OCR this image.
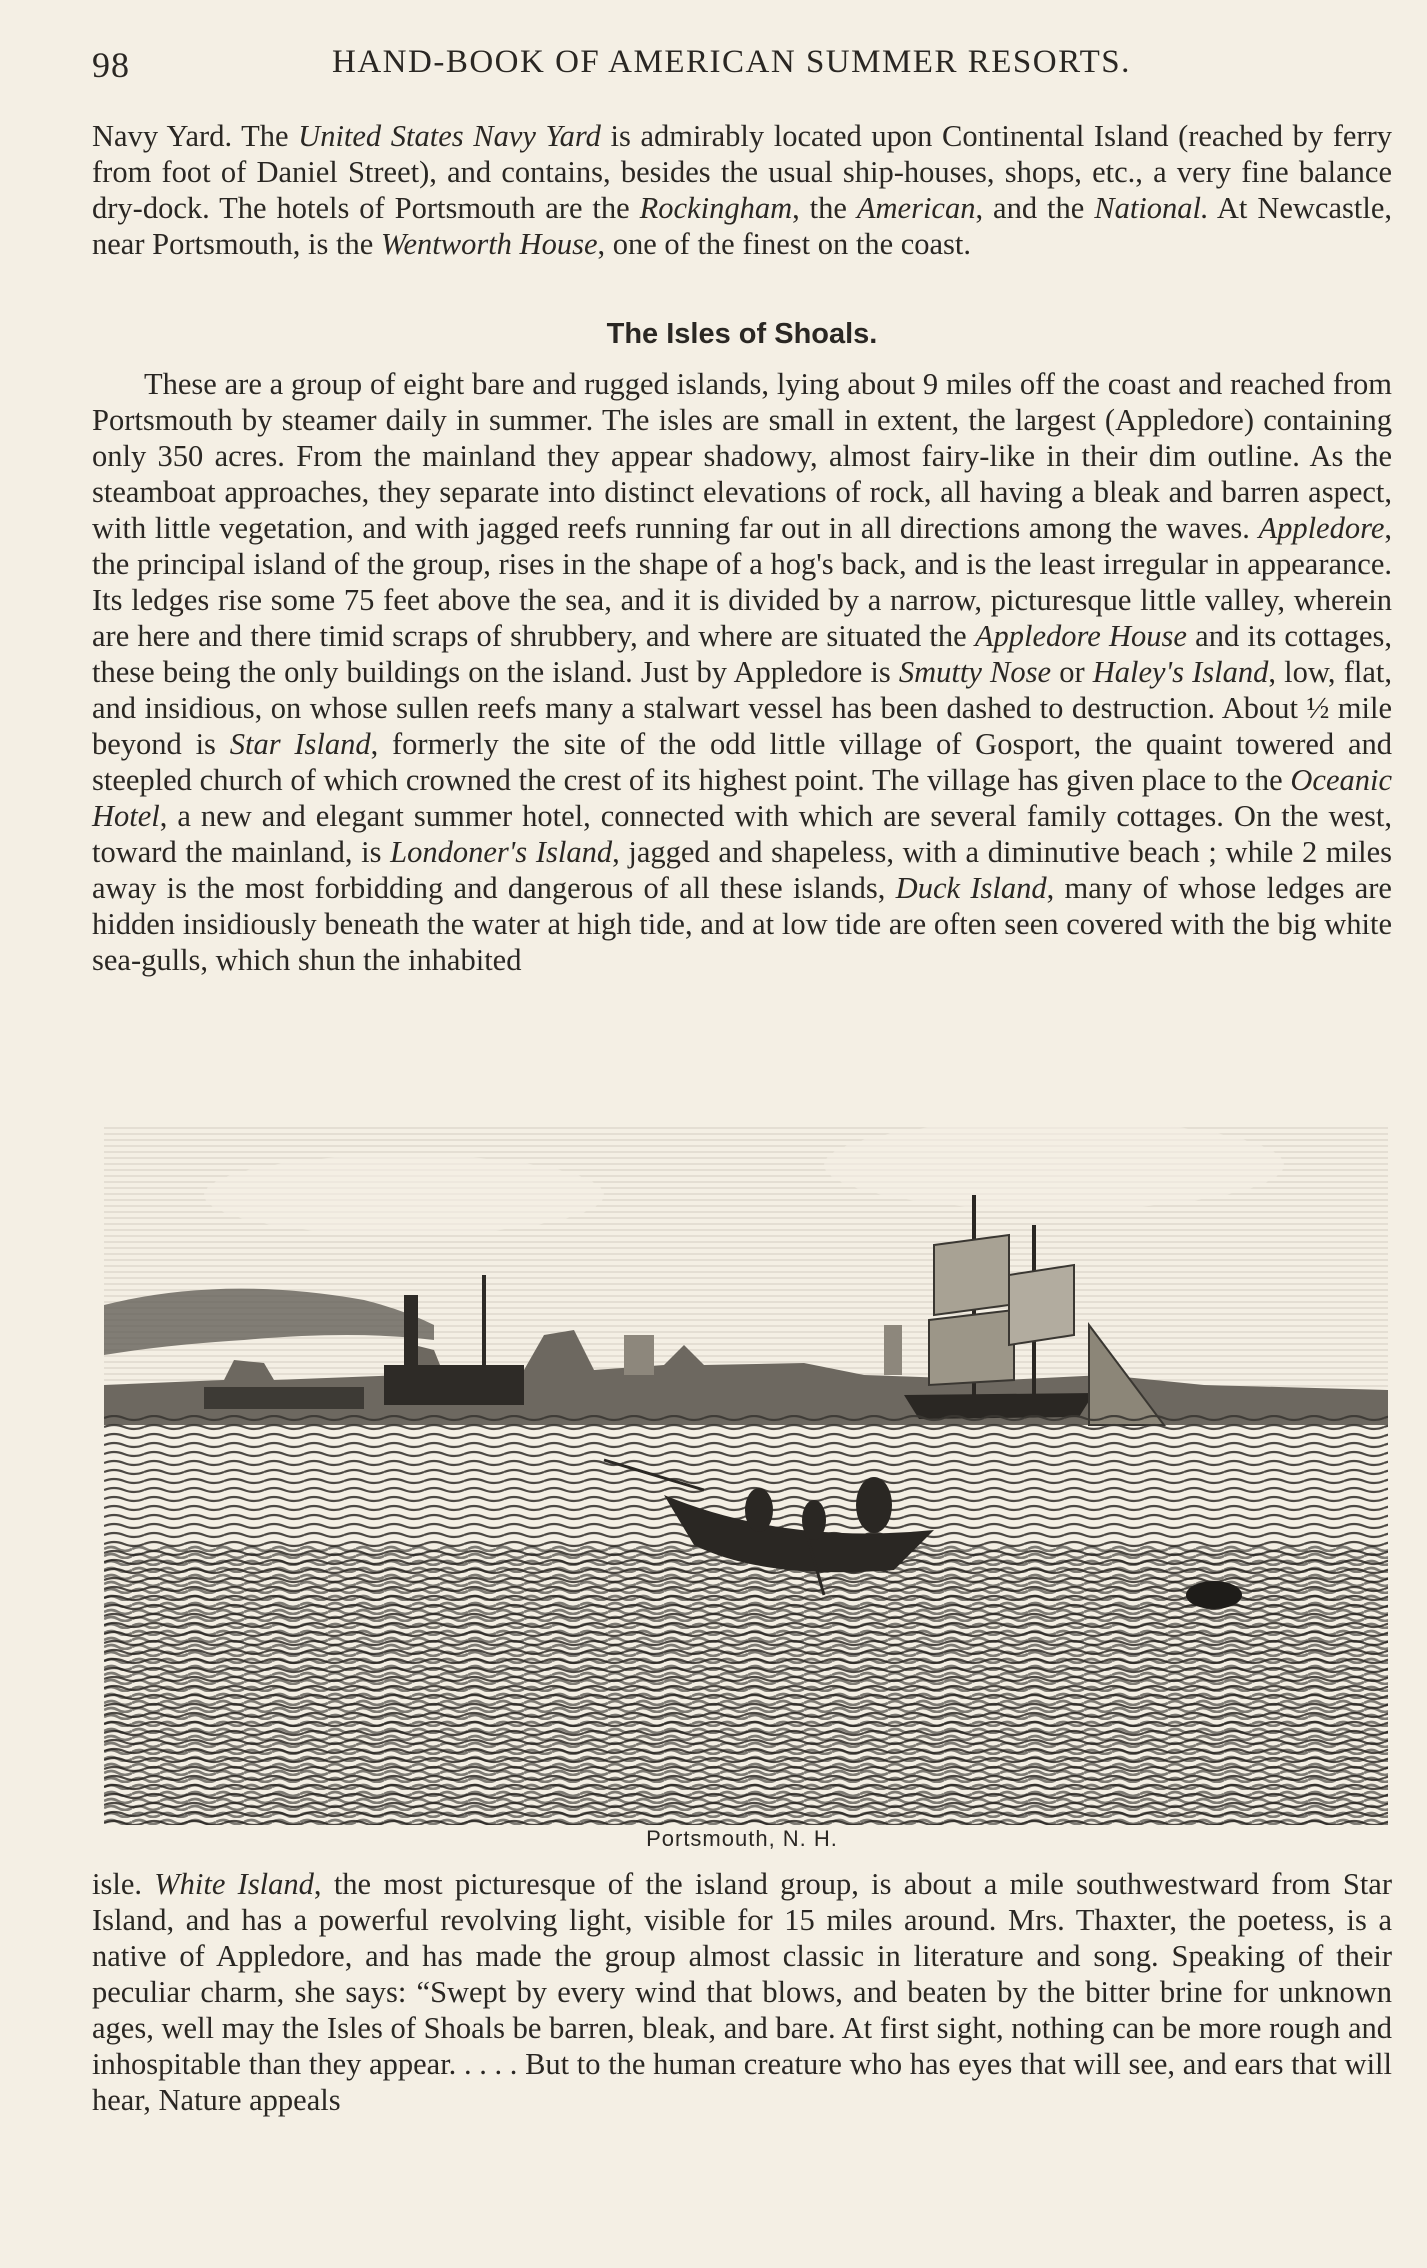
98	HAND-BOOK OF AMERICAN SUMMER RESORTS.

Navy Yard. The United States Navy Yard is admirably located upon Continental Island (reached by ferry from foot of Daniel Street), and contains, besides the usual ship-houses, shops, etc., a very fine balance dry-dock. The hotels of Portsmouth are the Rockingham, the American, and the National. At Newcastle, near Portsmouth, is the Wentworth House, one of the finest on the coast.

The Isles of Shoals.

These are a group of eight bare and rugged islands, lying about 9 miles off the coast and reached from Portsmouth by steamer daily in summer. The isles are small in extent, the largest (Appledore) containing only 350 acres. From the mainland they appear shadowy, almost fairy-like in their dim outline. As the steamboat approaches, they separate into distinct elevations of rock, all having a bleak and barren aspect, with little vegetation, and with jagged reefs running far out in all directions among the waves. Appledore, the principal island of the group, rises in the shape of a hog's back, and is the least irregular in appearance. Its ledges rise some 75 feet above the sea, and it is divided by a narrow, picturesque little valley, wherein are here and there timid scraps of shrubbery, and where are situated the Appledore House and its cottages, these being the only buildings on the island. Just by Appledore is Smutty Nose or Haley's Island, low, flat, and insidious, on whose sullen reefs many a stalwart vessel has been dashed to destruction. About ½ mile beyond is Star Island, formerly the site of the odd little village of Gosport, the quaint towered and steepled church of which crowned the crest of its highest point. The village has given place to the Oceanic Hotel, a new and elegant summer hotel, connected with which are several family cottages. On the west, toward the mainland, is Londoner's Island, jagged and shapeless, with a diminutive beach ; while 2 miles away is the most forbidding and dangerous of all these islands, Duck Island, many of whose ledges are hidden insidiously beneath the water at high tide, and at low tide are often seen covered with the big white sea-gulls, which shun the inhabited

Portsmouth, N. H.

isle. White Island, the most picturesque of the island group, is about a mile southwestward from Star Island, and has a powerful revolving light, visible for 15 miles around. Mrs. Thaxter, the poetess, is a native of Appledore, and has made the group almost classic in literature and song. Speaking of their peculiar charm, she says: “Swept by every wind that blows, and beaten by the bitter brine for unknown ages, well may the Isles of Shoals be barren, bleak, and bare. At first sight, nothing can be more rough and inhospitable than they appear. . . . . But to the human creature who has eyes that will see, and ears that will hear, Nature appeals
